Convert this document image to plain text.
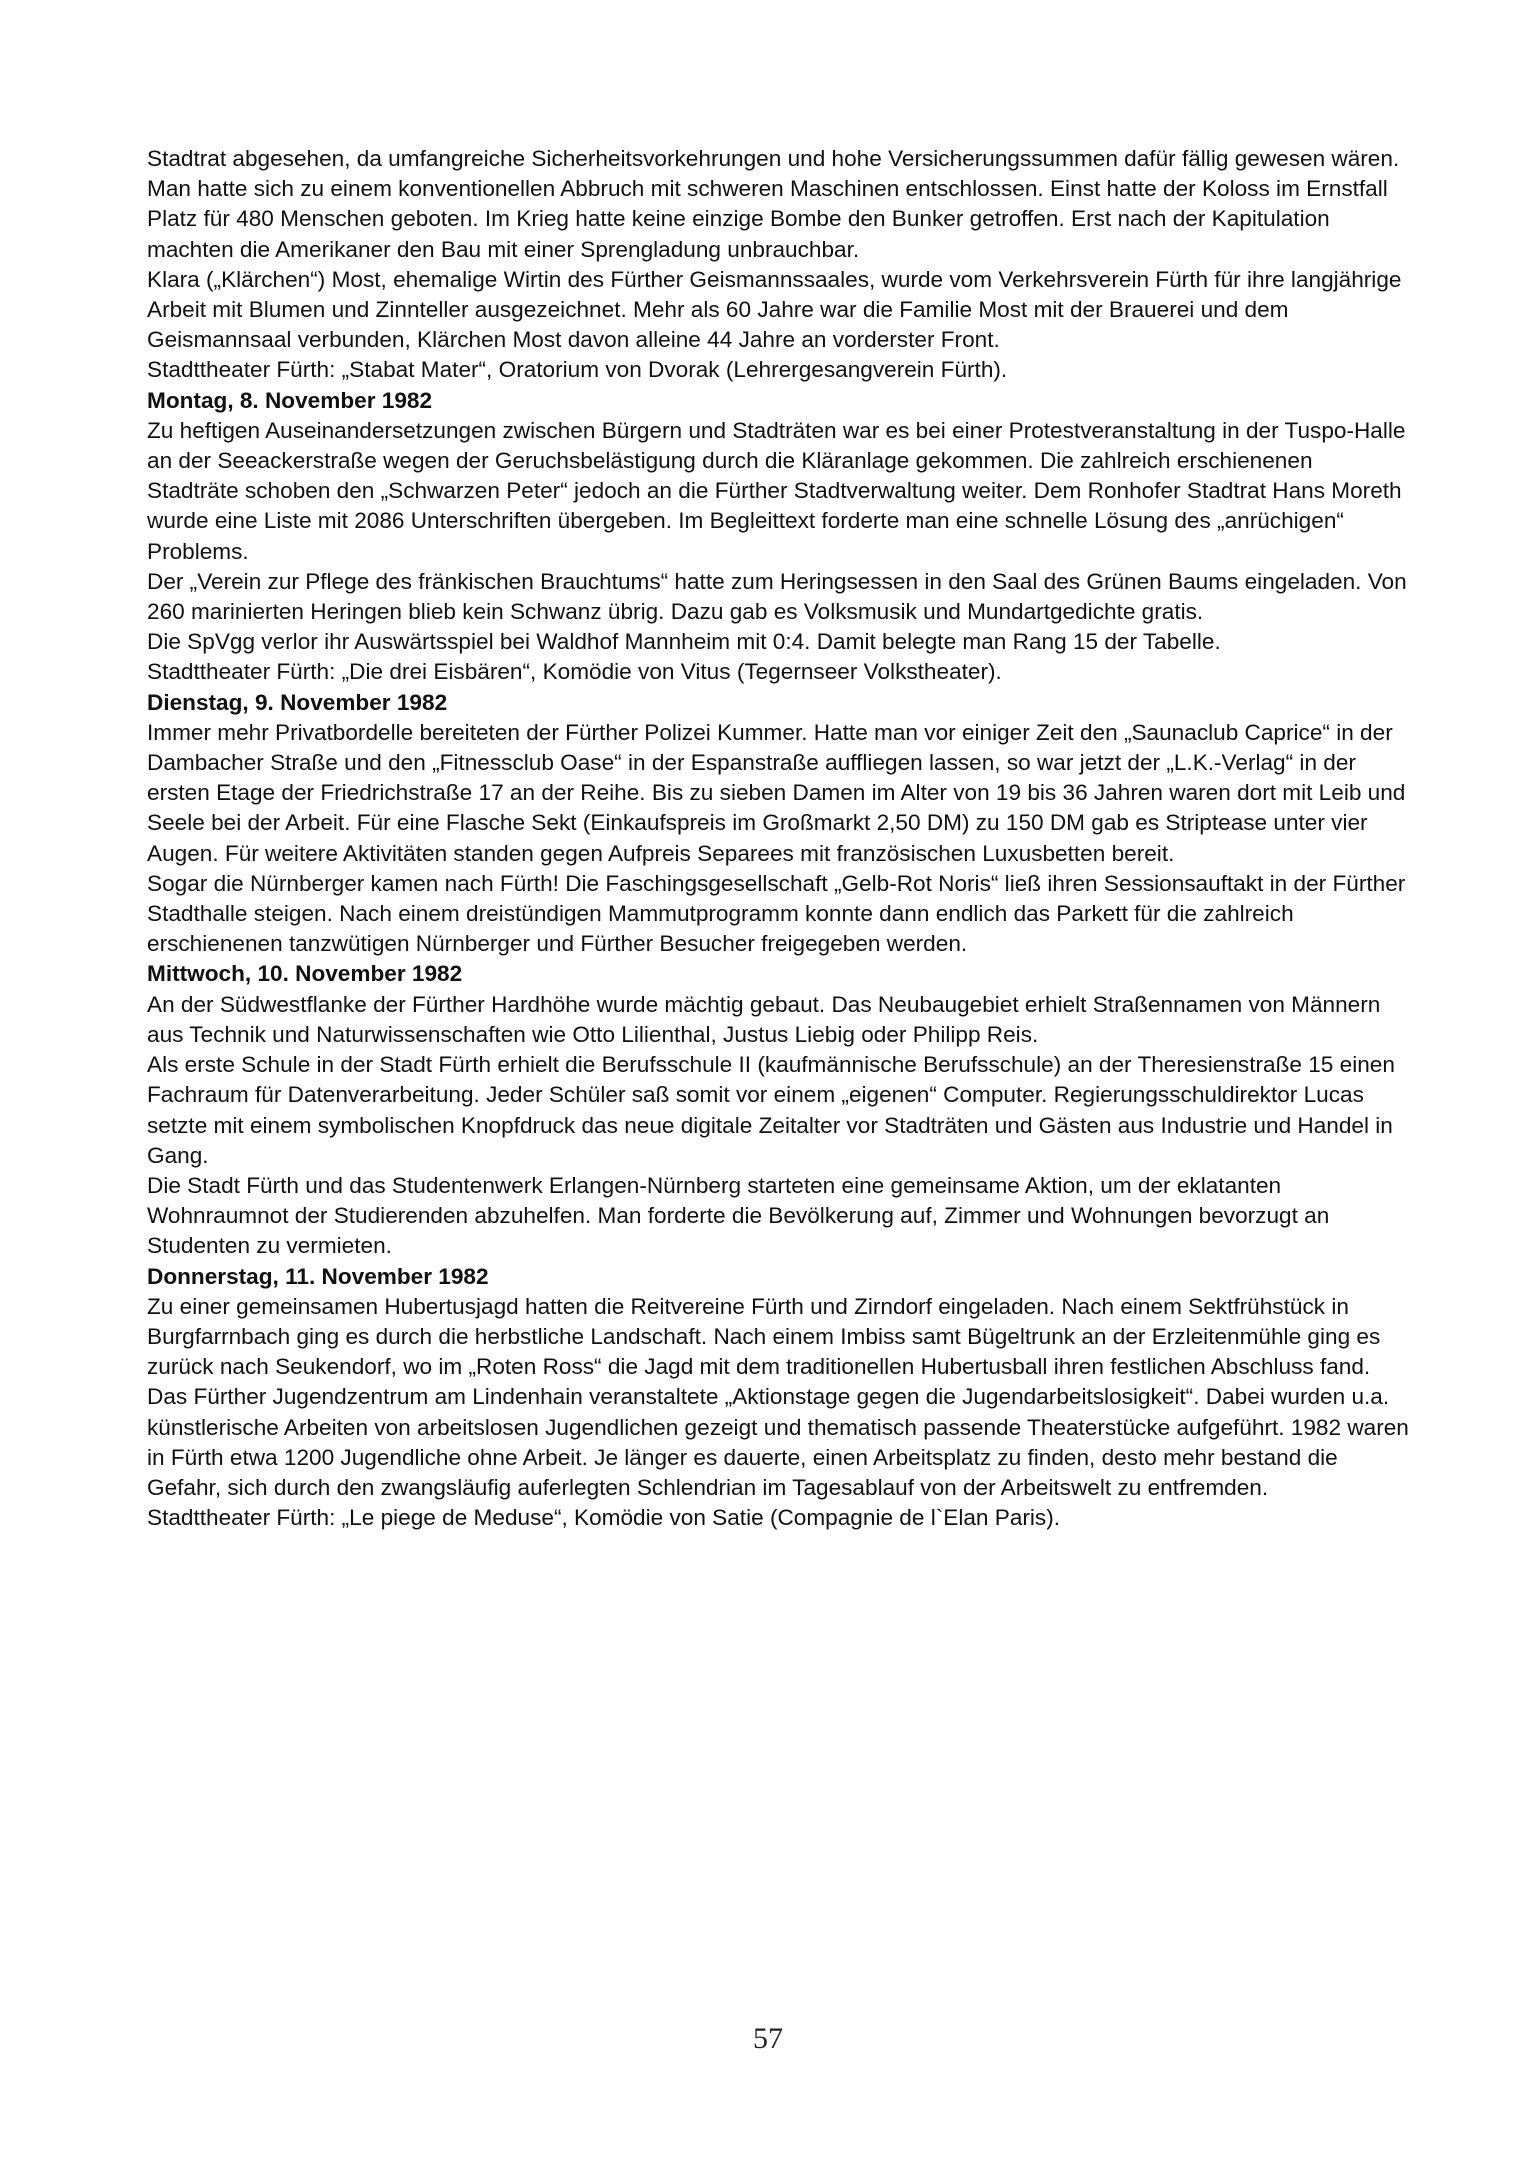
Stadtrat abgesehen, da umfangreiche Sicherheitsvorkehrungen und hohe Versicherungssummen dafür fällig gewesen wären. Man hatte sich zu einem konventionellen Abbruch mit schweren Maschinen entschlossen. Einst hatte der Koloss im Ernstfall Platz für 480 Menschen geboten. Im Krieg hatte keine einzige Bombe den Bunker getroffen. Erst nach der Kapitulation machten die Amerikaner den Bau mit einer Sprengladung unbrauchbar.

Klara („Klärchen“) Most, ehemalige Wirtin des Fürther Geismannssaales, wurde vom Verkehrsverein Fürth für ihre langjährige Arbeit mit Blumen und Zinnteller ausgezeichnet. Mehr als 60 Jahre war die Familie Most mit der Brauerei und dem Geismannsaal verbunden, Klärchen Most davon alleine 44 Jahre an vorderster Front.

Stadttheater Fürth: „Stabat Mater“, Oratorium von Dvorak (Lehrergesangverein Fürth).

Montag, 8. November 1982

Zu heftigen Auseinandersetzungen zwischen Bürgern und Stadträten war es bei einer Protestveranstaltung in der Tuspo-Halle an der Seeackerstraße wegen der Geruchsbelästigung durch die Kläranlage gekommen. Die zahlreich erschienenen Stadträte schoben den „Schwarzen Peter“ jedoch an die Fürther Stadtverwaltung weiter. Dem Ronhofer Stadtrat Hans Moreth wurde eine Liste mit 2086 Unterschriften übergeben. Im Begleittext forderte man eine schnelle Lösung des „anrüchigen“ Problems.

Der „Verein zur Pflege des fränkischen Brauchtums“ hatte zum Heringsessen in den Saal des Grünen Baums eingeladen. Von 260 marinierten Heringen blieb kein Schwanz übrig. Dazu gab es Volksmusik und Mundartgedichte gratis.

Die SpVgg verlor ihr Auswärtsspiel bei Waldhof Mannheim mit 0:4. Damit belegte man Rang 15 der Tabelle.

Stadttheater Fürth: „Die drei Eisbären“, Komödie von Vitus (Tegernseer Volkstheater).

Dienstag, 9. November 1982

Immer mehr Privatbordelle bereiteten der Fürther Polizei Kummer. Hatte man vor einiger Zeit den „Saunaclub Caprice“ in der Dambacher Straße und den „Fitnessclub Oase“ in der Espanstraße auffliegen lassen, so war jetzt der „L.K.-Verlag“ in der ersten Etage der Friedrichstraße 17 an der Reihe. Bis zu sieben Damen im Alter von 19 bis 36 Jahren waren dort mit Leib und Seele bei der Arbeit. Für eine Flasche Sekt (Einkaufspreis im Großmarkt 2,50 DM) zu 150 DM gab es Striptease unter vier Augen. Für weitere Aktivitäten standen gegen Aufpreis Separees mit französischen Luxusbetten bereit.

Sogar die Nürnberger kamen nach Fürth! Die Faschingsgesellschaft „Gelb-Rot Noris“ ließ ihren Sessionsauftakt in der Fürther Stadthalle steigen. Nach einem dreistündigen Mammutprogramm konnte dann endlich das Parkett für die zahlreich erschienenen tanzwütigen Nürnberger und Fürther Besucher freigegeben werden.

Mittwoch, 10. November 1982

An der Südwestflanke der Fürther Hardhöhe wurde mächtig gebaut. Das Neubaugebiet erhielt Straßennamen von Männern aus Technik und Naturwissenschaften wie Otto Lilienthal, Justus Liebig oder Philipp Reis.

Als erste Schule in der Stadt Fürth erhielt die Berufsschule II (kaufmännische Berufsschule) an der Theresienstraße 15 einen Fachraum für Datenverarbeitung. Jeder Schüler saß somit vor einem „eigenen“ Computer. Regierungsschuldirektor Lucas setzte mit einem symbolischen Knopfdruck das neue digitale Zeitalter vor Stadträten und Gästen aus Industrie und Handel in Gang.

Die Stadt Fürth und das Studentenwerk Erlangen-Nürnberg starteten eine gemeinsame Aktion, um der eklatanten Wohnraumnot der Studierenden abzuhelfen. Man forderte die Bevölkerung auf, Zimmer und Wohnungen bevorzugt an Studenten zu vermieten.

Donnerstag, 11. November 1982

Zu einer gemeinsamen Hubertusjagd hatten die Reitvereine Fürth und Zirndorf eingeladen. Nach einem Sektfrühstück in Burgfarrnbach ging es durch die herbstliche Landschaft. Nach einem Imbiss samt Bügeltrunk an der Erzleitenmühle ging es zurück nach Seukendorf, wo im „Roten Ross“ die Jagd mit dem traditionellen Hubertusball ihren festlichen Abschluss fand.

Das Fürther Jugendzentrum am Lindenhain veranstaltete „Aktionstage gegen die Jugendarbeitslosigkeit“. Dabei wurden u.a. künstlerische Arbeiten von arbeitslosen Jugendlichen gezeigt und thematisch passende Theaterstücke aufgeführt. 1982 waren in Fürth etwa 1200 Jugendliche ohne Arbeit. Je länger es dauerte, einen Arbeitsplatz zu finden, desto mehr bestand die Gefahr, sich durch den zwangsläufig auferlegten Schlendrian im Tagesablauf von der Arbeitswelt zu entfremden.

Stadttheater Fürth: „Le piege de Meduse“, Komödie von Satie (Compagnie de l`Elan Paris).

57
